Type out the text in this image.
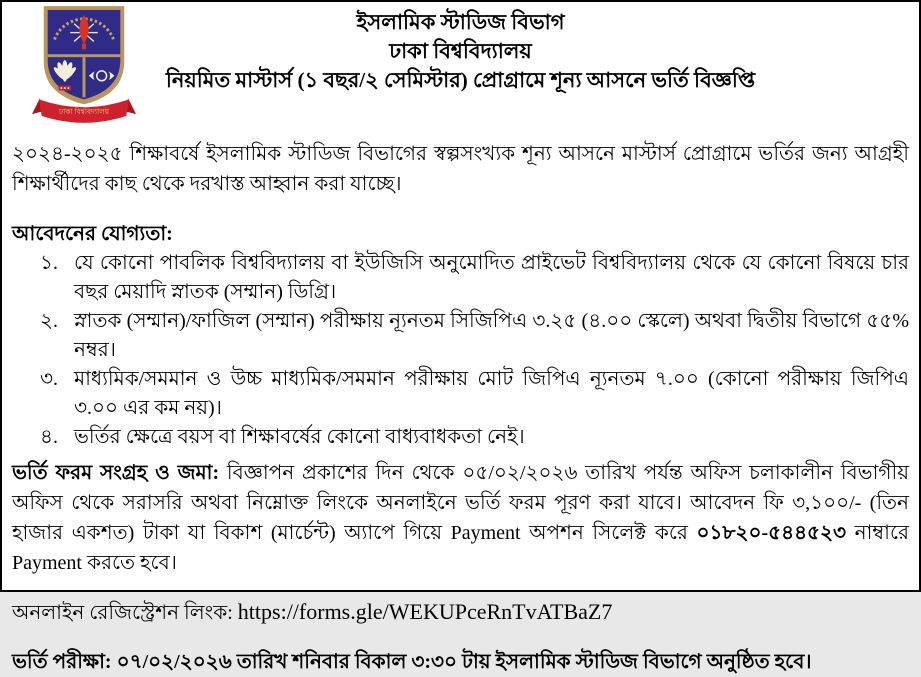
ঢাকা বিশ্ববিদ্যালয়
ইসলামিক স্টাডিজ বিভাগ
ঢাকা বিশ্ববিদ্যালয়
নিয়মিত মাস্টার্স (১ বছর/২ সেমিস্টার) প্রোগ্রামে শূন্য আসনে ভর্তি বিজ্ঞপ্তি

২০২৪-২০২৫ শিক্ষাবর্ষে ইসলামিক স্টাডিজ বিভাগের স্বল্পসংখ্যক শূন্য আসনে মাস্টার্স প্রোগ্রামে ভর্তির জন্য আগ্রহী শিক্ষার্থীদের কাছ থেকে দরখাস্ত আহ্বান করা যাচ্ছে।

আবেদনের যোগ্যতা:
১. যে কোনো পাবলিক বিশ্ববিদ্যালয় বা ইউজিসি অনুমোদিত প্রাইভেট বিশ্ববিদ্যালয় থেকে যে কোনো বিষয়ে চার বছর মেয়াদি স্নাতক (সম্মান) ডিগ্রি।
২. স্নাতক (সম্মান)/ফাজিল (সম্মান) পরীক্ষায় ন্যূনতম সিজিপিএ ৩.২৫ (৪.০০ স্কেলে) অথবা দ্বিতীয় বিভাগে ৫৫% নম্বর।
৩. মাধ্যমিক/সমমান ও উচ্চ মাধ্যমিক/সমমান পরীক্ষায় মোট জিপিএ ন্যূনতম ৭.০০ (কোনো পরীক্ষায় জিপিএ ৩.০০ এর কম নয়)।
৪. ভর্তির ক্ষেত্রে বয়স বা শিক্ষাবর্ষের কোনো বাধ্যবাধকতা নেই।

ভর্তি ফরম সংগ্রহ ও জমা: বিজ্ঞাপন প্রকাশের দিন থেকে ০৫/০২/২০২৬ তারিখ পর্যন্ত অফিস চলাকালীন বিভাগীয় অফিস থেকে সরাসরি অথবা নিম্নোক্ত লিংকে অনলাইনে ভর্তি ফরম পূরণ করা যাবে। আবেদন ফি ৩,১০০/- (তিন হাজার একশত) টাকা যা বিকাশ (মার্চেন্ট) অ্যাপে গিয়ে Payment অপশন সিলেক্ট করে ০১৮২০-৫৪৪৫২৩ নাম্বারে Payment করতে হবে।

অনলাইন রেজিস্ট্রেশন লিংক: https://forms.gle/WEKUPceRnTvATBaZ7

ভর্তি পরীক্ষা: ০৭/০২/২০২৬ তারিখ শনিবার বিকাল ৩:৩০ টায় ইসলামিক স্টাডিজ বিভাগে অনুষ্ঠিত হবে।
